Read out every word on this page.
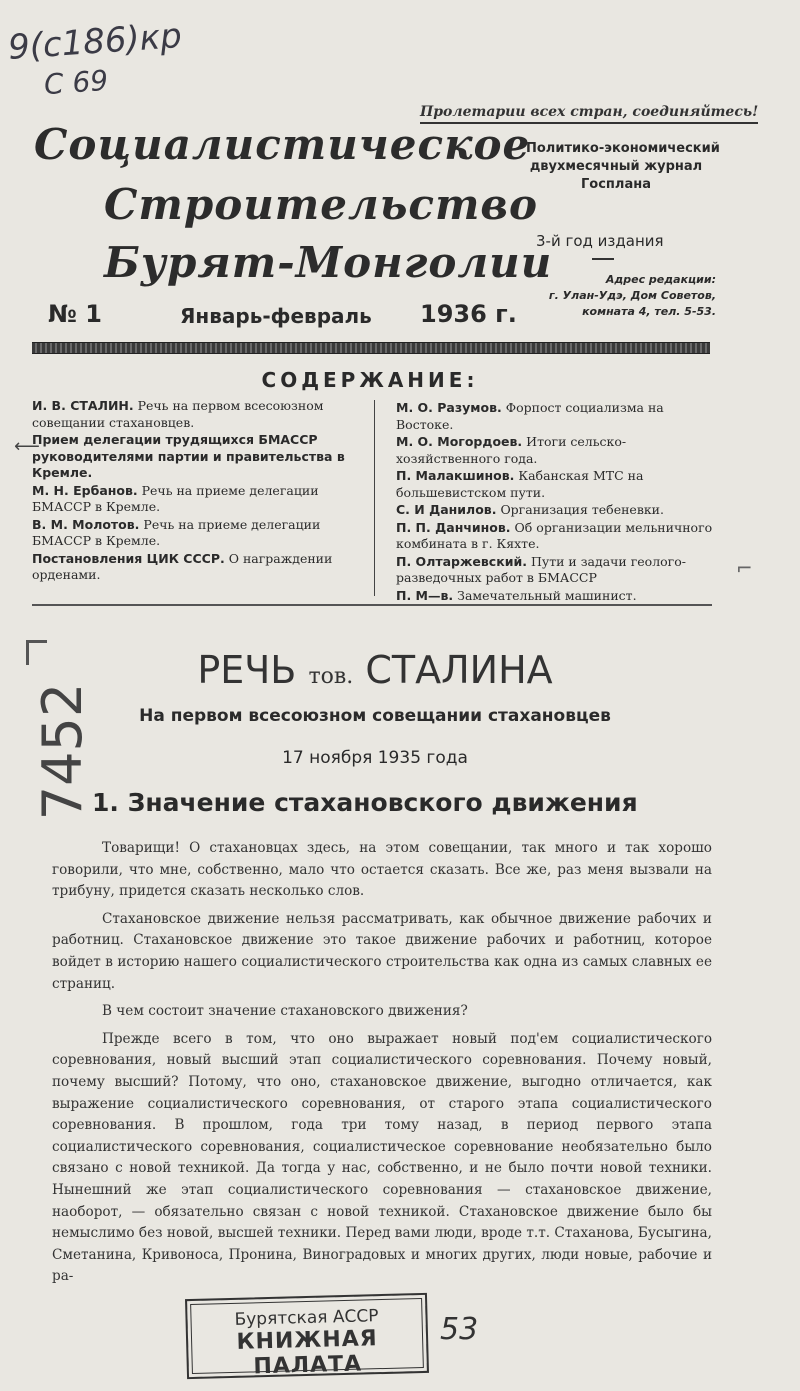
9(с186)кр
С 69
7452
⟵
⌐
Пролетарии всех стран, соединяйтесь!
Социалистическое
Строительство
Бурят-Монголии
Политико-экономический
двухмесячный журнал
Госплана
3-й год издания
Адрес редакции:
г. Улан-Удэ, Дом Советов,
комната 4, тел. 5-53.
№ 1	Январь-февраль 1936 г.
СОДЕРЖАНИЕ:
И. В. СТАЛИН. Речь на первом всесоюзном совещании стахановцев.
Прием делегации трудящихся БМАССР руководителями партии и правительства в Кремле.
М. Н. Ербанов. Речь на приеме делегации БМАССР в Кремле.
В. М. Молотов. Речь на приеме делегации БМАССР в Кремле.
Постановления ЦИК СССР. О награждении орденами.
М. О. Разумов. Форпост социализма на Востоке.
М. О. Могордоев. Итоги сельско-хозяйственного года.
П. Малакшинов. Кабанская МТС на большевистском пути.
С. И Данилов. Организация тебеневки.
П. П. Данчинов. Об организации мельничного комбината в г. Кяхте.
П. Олтаржевский. Пути и задачи геолого-разведочных работ в БМАССР
П. М—в. Замечательный машинист.
РЕЧЬ тов. СТАЛИНА
На первом всесоюзном совещании стахановцев
17 ноября 1935 года
1. Значение стахановского движения

Товарищи! О стахановцах здесь, на этом совещании, так много и так хорошо говорили, что мне, собственно, мало что остается сказать. Все же, раз меня вызвали на трибуну, придется сказать несколько слов.

Стахановское движение нельзя рассматривать, как обычное движение рабочих и работниц. Стахановское движение это такое движение рабочих и работниц, которое войдет в историю нашего социалистического строительства как одна из самых славных ее страниц.

В чем состоит значение стахановского движения?

Прежде всего в том, что оно выражает новый под'ем социалистического соревнования, новый высший этап социалистического соревнования. Почему новый, почему высший? Потому, что оно, стахановское движение, выгодно отличается, как выражение социалистического соревнования, от старого этапа социалистического соревнования. В прошлом, года три тому назад, в период первого этапа социалистического соревнования, социалистическое соревнование необязательно было связано с новой техникой. Да тогда у нас, собственно, и не было почти новой техники. Нынешний же этап социалистического соревнования — стахановское движение, наоборот, — обязательно связан с новой техникой. Стахановское движение было бы немыслимо без новой, высшей техники. Перед вами люди, вроде т.т. Стаханова, Бусыгина, Сметанина, Кривоноса, Пронина, Виноградовых и многих других, люди новые, рабочие и ра-

Бурятская АССР
КНИЖНАЯ ПАЛАТА
53
